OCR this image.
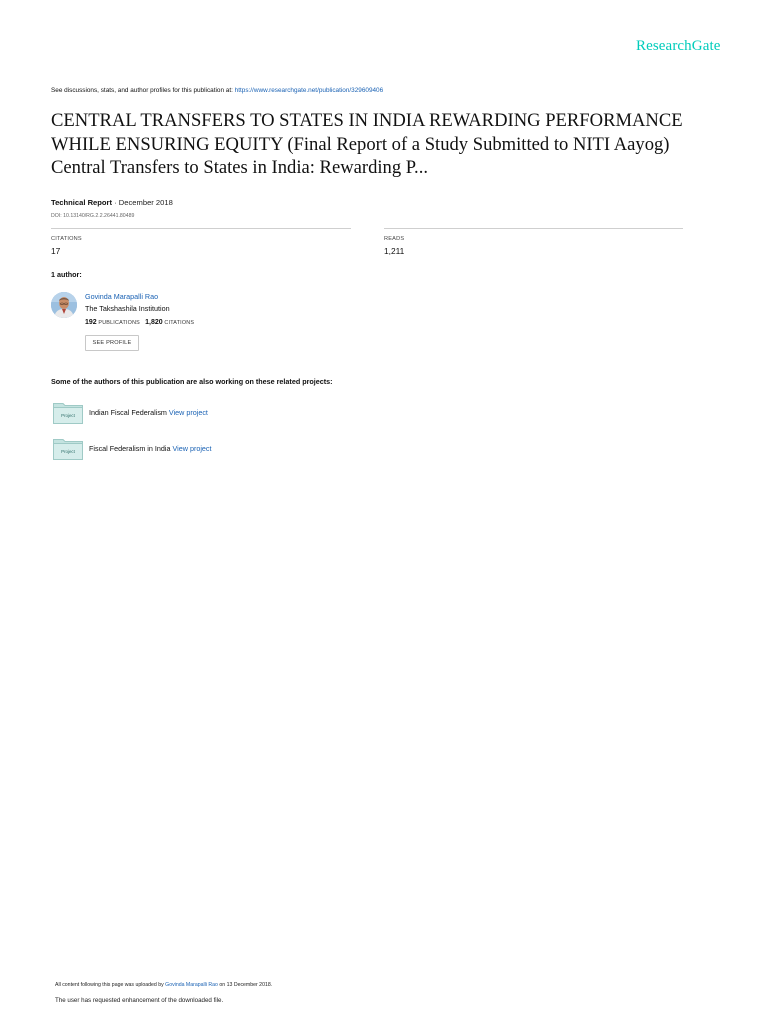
ResearchGate
See discussions, stats, and author profiles for this publication at: https://www.researchgate.net/publication/329609406
CENTRAL TRANSFERS TO STATES IN INDIA REWARDING PERFORMANCE
WHILE ENSURING EQUITY (Final Report of a Study Submitted to NITI Aayog)
Central Transfers to States in India: Rewarding P...
Technical Report · December 2018
DOI: 10.13140/RG.2.2.26441.80489
CITATIONS
17
READS
1,211
1 author:
Govinda Marapalli Rao
The Takshashila Institution
192 PUBLICATIONS 1,820 CITATIONS
SEE PROFILE
Some of the authors of this publication are also working on these related projects:
Project	Indian Fiscal Federalism View project
Project	Fiscal Federalism in India View project
All content following this page was uploaded by Govinda Marapalli Rao on 13 December 2018.
The user has requested enhancement of the downloaded file.
